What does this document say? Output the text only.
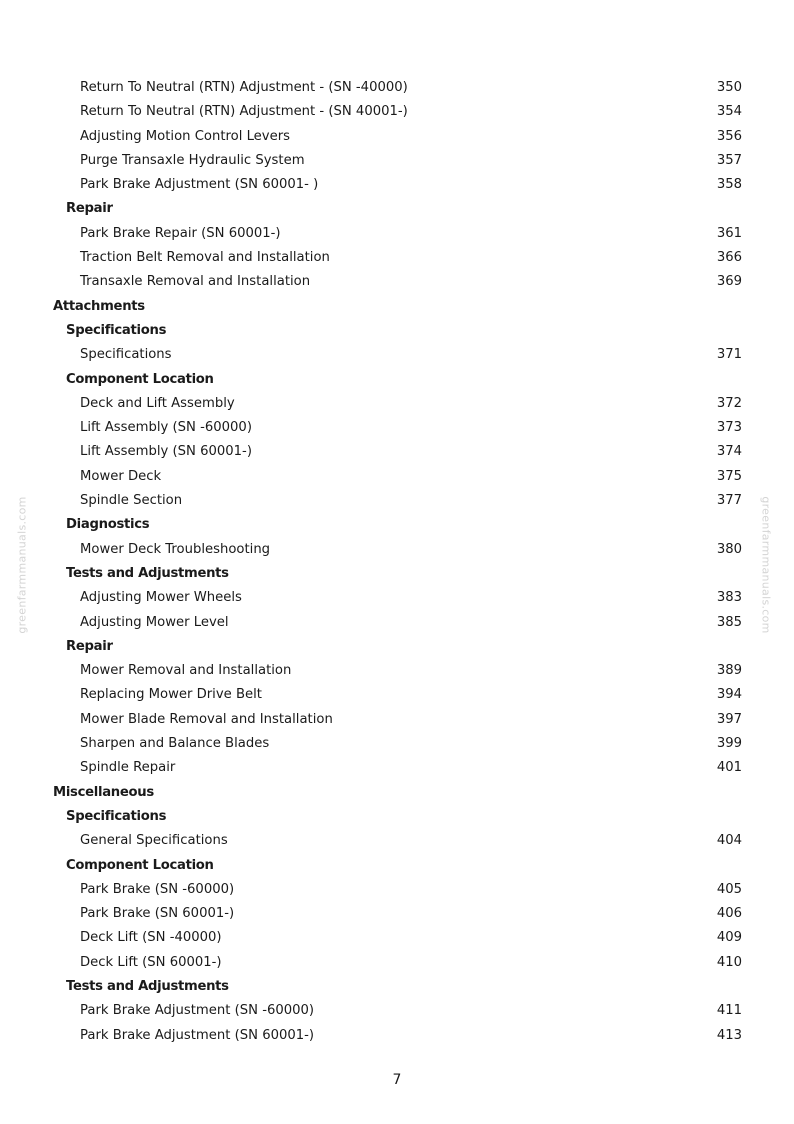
greenfarmmanuals.com	greenfarmmanuals.com
Return To Neutral (RTN) Adjustment - (SN -40000)	350
Return To Neutral (RTN) Adjustment - (SN 40001-)	354
Adjusting Motion Control Levers	356
Purge Transaxle Hydraulic System	357
Park Brake Adjustment (SN 60001- )	358
Repair
Park Brake Repair (SN 60001-)	361
Traction Belt Removal and Installation	366
Transaxle Removal and Installation	369
Attachments
Specifications
Specifications	371
Component Location
Deck and Lift Assembly	372
Lift Assembly (SN -60000)	373
Lift Assembly (SN 60001-)	374
Mower Deck	375
Spindle Section	377
Diagnostics
Mower Deck Troubleshooting	380
Tests and Adjustments
Adjusting Mower Wheels	383
Adjusting Mower Level	385
Repair
Mower Removal and Installation	389
Replacing Mower Drive Belt	394
Mower Blade Removal and Installation	397
Sharpen and Balance Blades	399
Spindle Repair	401
Miscellaneous
Specifications
General Specifications	404
Component Location
Park Brake (SN -60000)	405
Park Brake (SN 60001-)	406
Deck Lift (SN -40000)	409
Deck Lift (SN 60001-)	410
Tests and Adjustments
Park Brake Adjustment (SN -60000)	411
Park Brake Adjustment (SN 60001-)	413
7
